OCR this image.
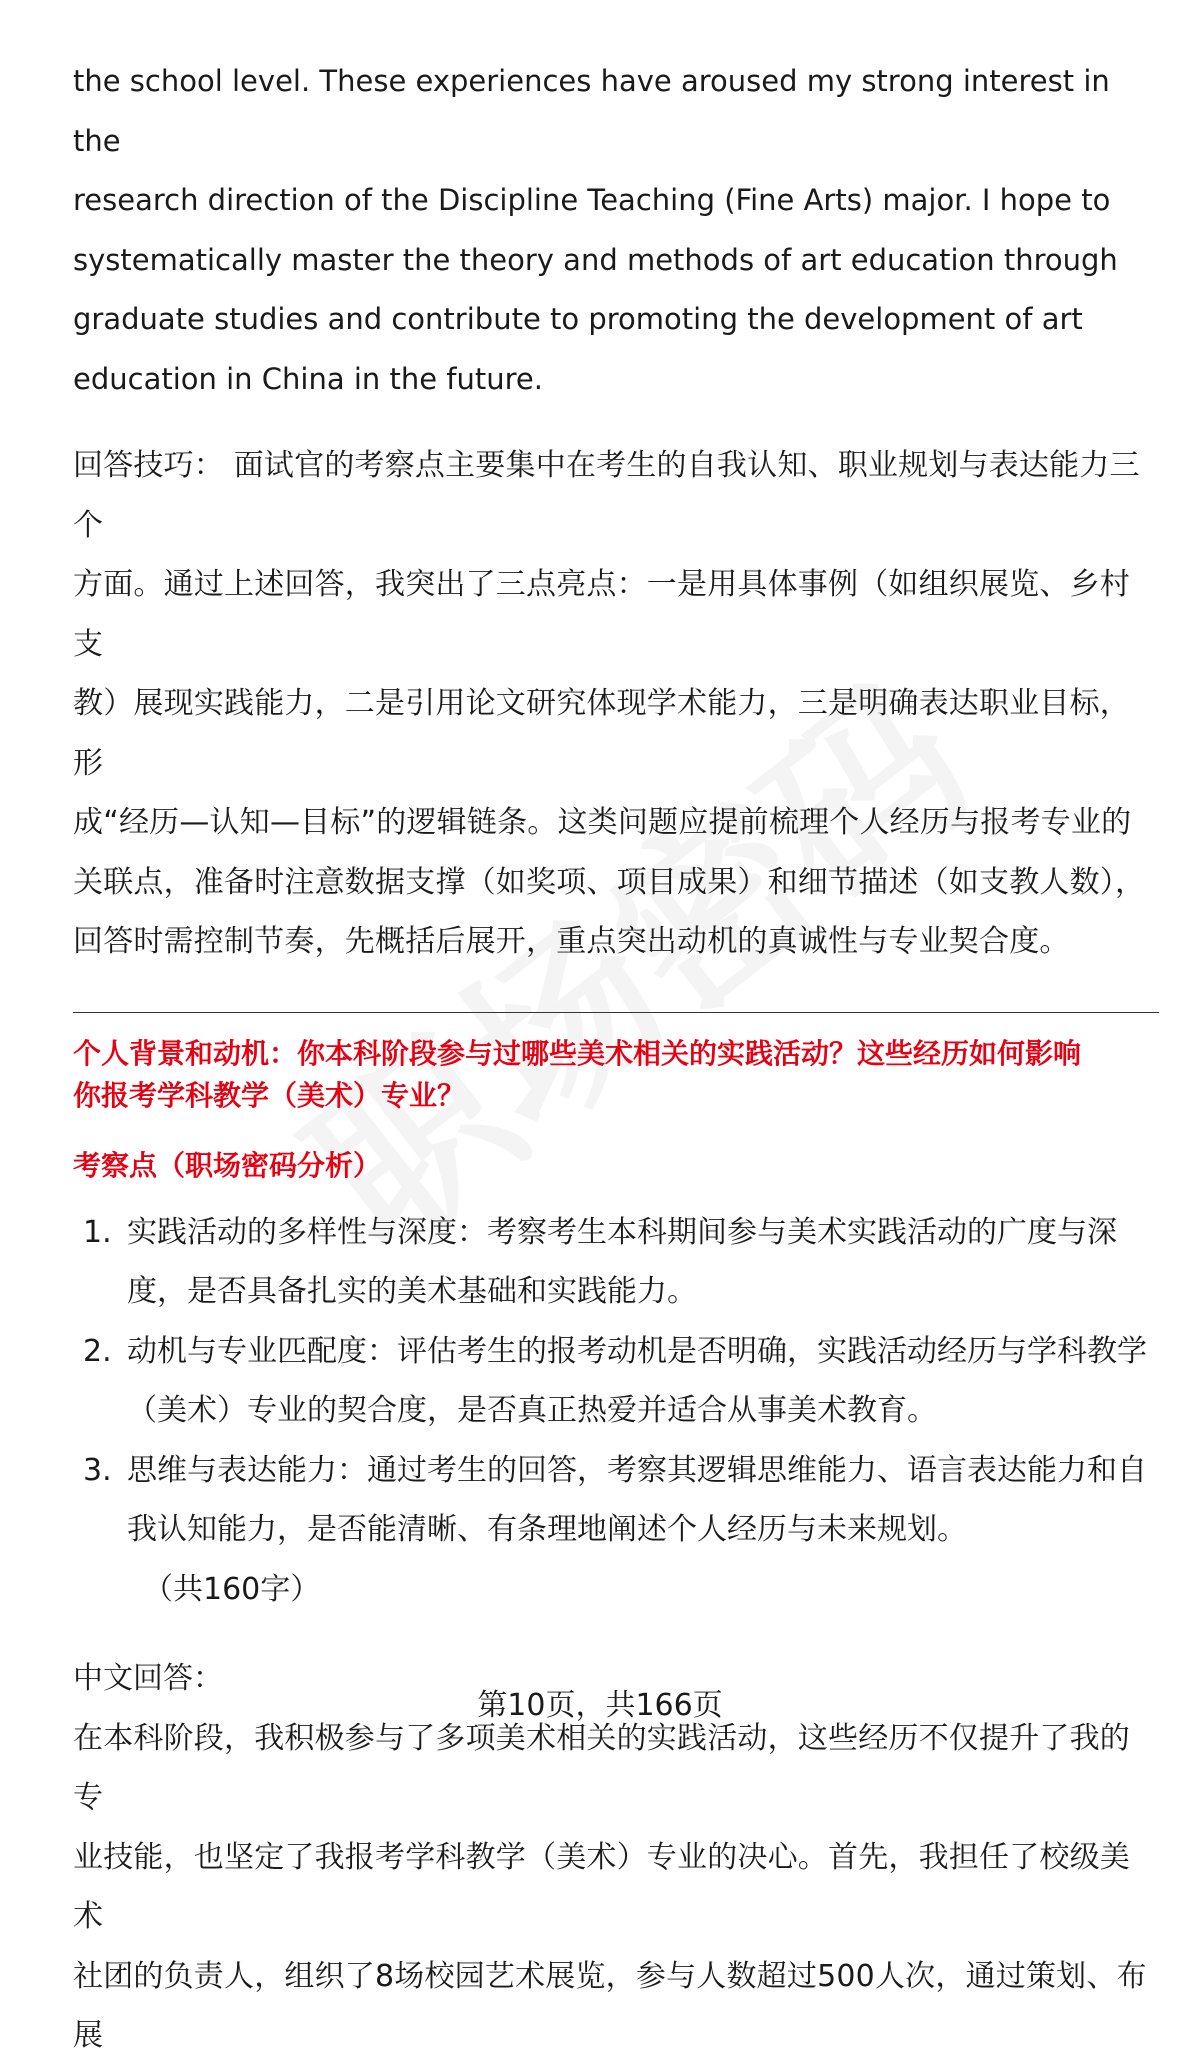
the school level. These experiences have aroused my strong interest in the

research direction of the Discipline Teaching (Fine Arts) major. I hope to

systematically master the theory and methods of art education through

graduate studies and contribute to promoting the development of art

education in China in the future.

回答技巧： 面试官的考察点主要集中在考生的自我认知、职业规划与表达能力三个

方面。通过上述回答，我突出了三点亮点：一是用具体事例（如组织展览、乡村支

教）展现实践能力，二是引用论文研究体现学术能力，三是明确表达职业目标，形

成“经历—认知—目标”的逻辑链条。这类问题应提前梳理个人经历与报考专业的

关联点，准备时注意数据支撑（如奖项、项目成果）和细节描述（如支教人数），

回答时需控制节奏，先概括后展开，重点突出动机的真诚性与专业契合度。

个人背景和动机：你本科阶段参与过哪些美术相关的实践活动？这些经历如何影响
你报考学科教学（美术）专业？
考察点（职场密码分析）
1. 实践活动的多样性与深度：考察考生本科期间参与美术实践活动的广度与深
度，是否具备扎实的美术基础和实践能力。
2. 动机与专业匹配度：评估考生的报考动机是否明确，实践活动经历与学科教学
（美术）专业的契合度，是否真正热爱并适合从事美术教育。
3. 思维与表达能力：通过考生的回答，考察其逻辑思维能力、语言表达能力和自
我认知能力，是否能清晰、有条理地阐述个人经历与未来规划。

（共160字）

中文回答：

在本科阶段，我积极参与了多项美术相关的实践活动，这些经历不仅提升了我的专

业技能，也坚定了我报考学科教学（美术）专业的决心。首先，我担任了校级美术

社团的负责人，组织了8场校园艺术展览，参与人数超过500人次，通过策划、布展

第10页，共166页
